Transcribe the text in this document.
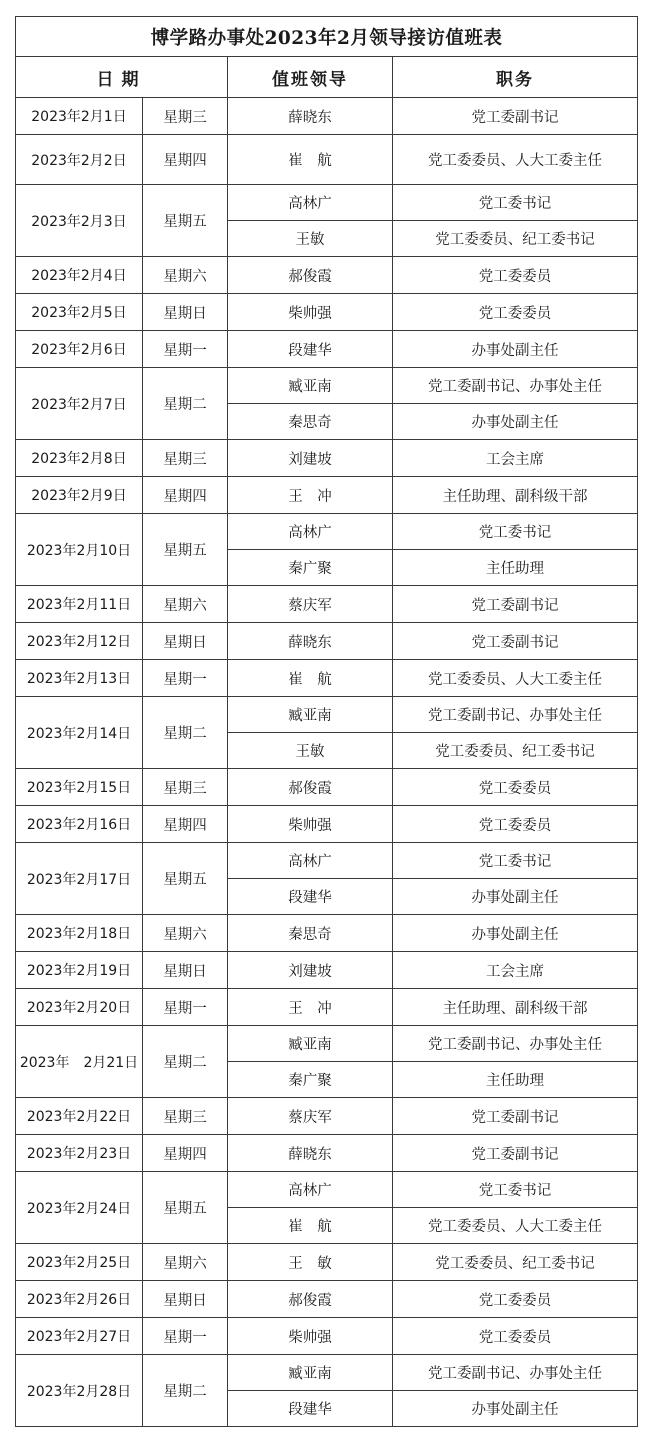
博学路办事处2023年2月领导接访值班表			
日期		值班领导	职务
2023年2月1日	星期三	薛晓东	党工委副书记
2023年2月2日	星期四	崔　航	党工委委员、人大工委主任
2023年2月3日	星期五	高林广	党工委书记
		王敏	党工委委员、纪工委书记
2023年2月4日	星期六	郝俊霞	党工委委员
2023年2月5日	星期日	柴帅强	党工委委员
2023年2月6日	星期一	段建华	办事处副主任
2023年2月7日	星期二	臧亚南	党工委副书记、办事处主任
		秦思奇	办事处副主任
2023年2月8日	星期三	刘建坡	工会主席
2023年2月9日	星期四	王　冲	主任助理、副科级干部
2023年2月10日	星期五	高林广	党工委书记
		秦广聚	主任助理
2023年2月11日	星期六	蔡庆军	党工委副书记
2023年2月12日	星期日	薛晓东	党工委副书记
2023年2月13日	星期一	崔　航	党工委委员、人大工委主任
2023年2月14日	星期二	臧亚南	党工委副书记、办事处主任
		王敏	党工委委员、纪工委书记
2023年2月15日	星期三	郝俊霞	党工委委员
2023年2月16日	星期四	柴帅强	党工委委员
2023年2月17日	星期五	高林广	党工委书记
		段建华	办事处副主任
2023年2月18日	星期六	秦思奇	办事处副主任
2023年2月19日	星期日	刘建坡	工会主席
2023年2月20日	星期一	王　冲	主任助理、副科级干部
2023年　2月21日	星期二	臧亚南	党工委副书记、办事处主任
		秦广聚	主任助理
2023年2月22日	星期三	蔡庆军	党工委副书记
2023年2月23日	星期四	薛晓东	党工委副书记
2023年2月24日	星期五	高林广	党工委书记
		崔　航	党工委委员、人大工委主任
2023年2月25日	星期六	王　敏	党工委委员、纪工委书记
2023年2月26日	星期日	郝俊霞	党工委委员
2023年2月27日	星期一	柴帅强	党工委委员
2023年2月28日	星期二	臧亚南	党工委副书记、办事处主任
		段建华	办事处副主任
